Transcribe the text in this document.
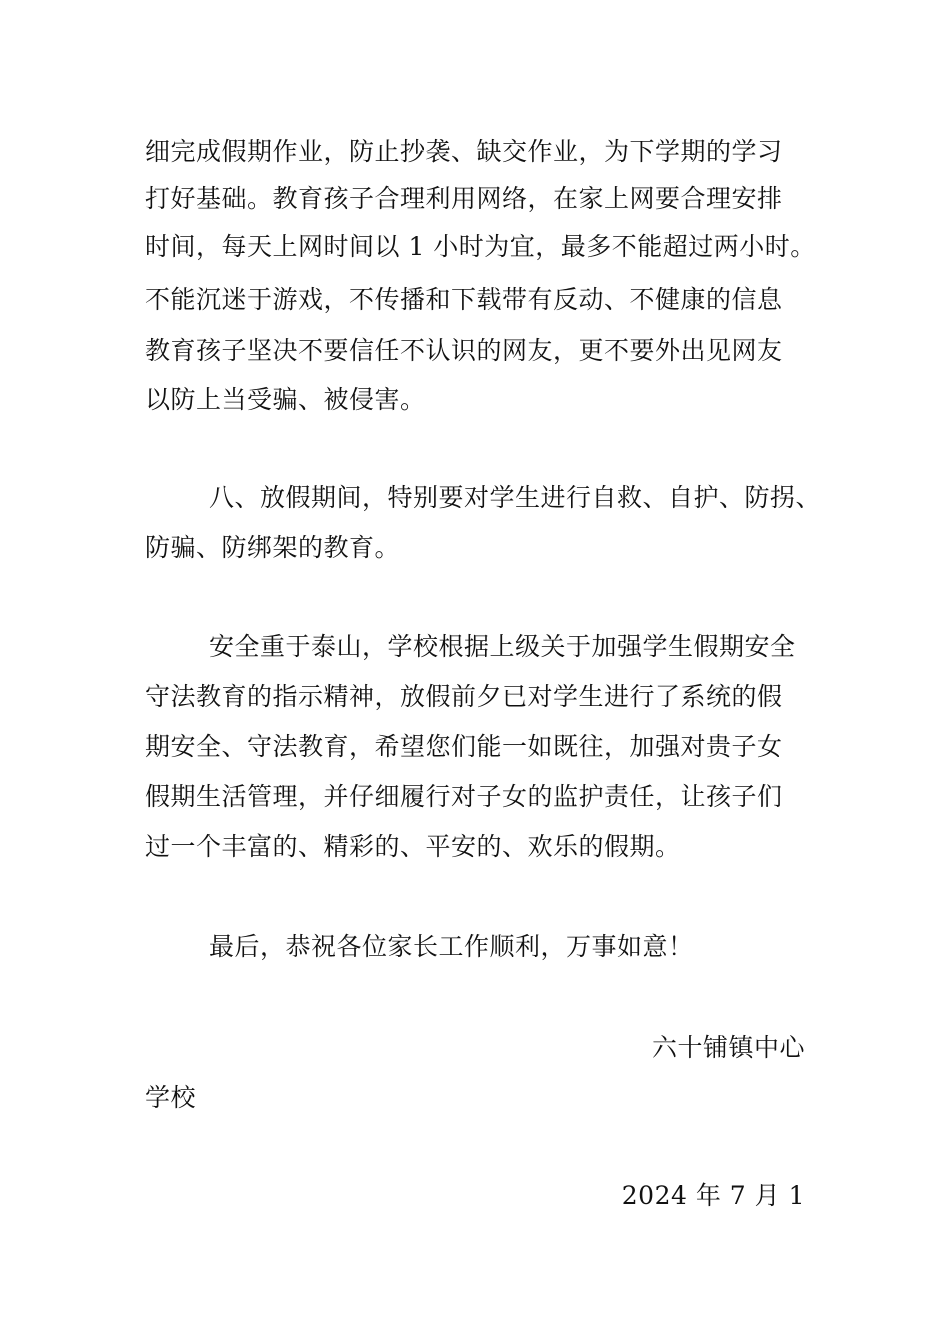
细完成假期作业，防止抄袭、缺交作业，为下学期的学习
打好基础。教育孩子合理利用网络，在家上网要合理安排
时间，每天上网时间以 1 小时为宜，最多不能超过两小时。
不能沉迷于游戏，不传播和下载带有反动、不健康的信息
教育孩子坚决不要信任不认识的网友，更不要外出见网友
以防上当受骗、被侵害。
八、放假期间，特别要对学生进行自救、自护、防拐、
防骗、防绑架的教育。
安全重于泰山，学校根据上级关于加强学生假期安全
守法教育的指示精神，放假前夕已对学生进行了系统的假
期安全、守法教育，希望您们能一如既往，加强对贵子女
假期生活管理，并仔细履行对子女的监护责任，让孩子们
过一个丰富的、精彩的、平安的、欢乐的假期。
最后，恭祝各位家长工作顺利，万事如意！
六十铺镇中心
学校
2024 年 7 月 1
